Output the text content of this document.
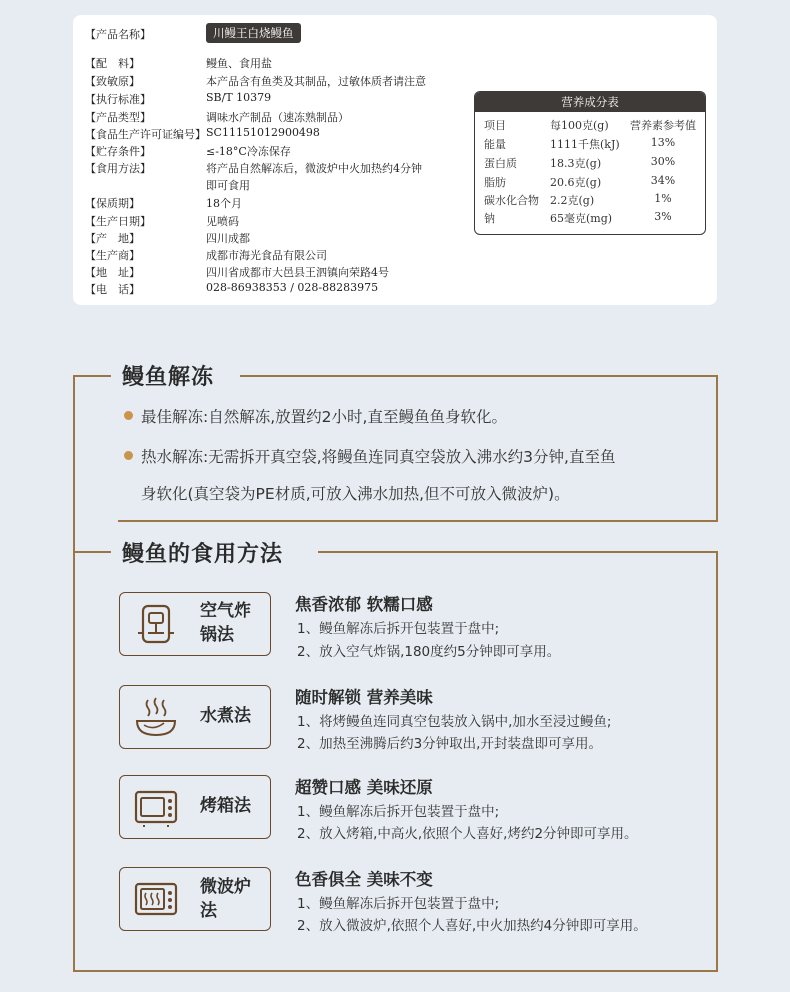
【产品名称】	川鳗王白烧鳗鱼
【配　料】	鳗鱼、食用盐
【致敏原】	本产品含有鱼类及其制品，过敏体质者请注意
【执行标准】	SB/T 10379
【产品类型】	调味水产制品（速冻熟制品）
【食品生产许可证编号】 SC11151012900498
【贮存条件】	≤-18°C冷冻保存
【食用方法】	将产品自然解冻后，微波炉中火加热约4分钟
即可食用
【保质期】	18个月
【生产日期】	见喷码
【产　地】	四川成都
【生产商】	成都市海光食品有限公司
【地　址】	四川省成都市大邑县王泗镇向荣路4号
【电　话】	028-86938353 / 028-88283975
营养成分表
项目	每100克(g) 营养素参考值
能量	1111千焦(kJ)	13%
蛋白质	18.3克(g)	30%
脂肪	20.6克(g)	34%
碳水化合物 2.2克(g)	1%
钠	65毫克(mg)	3%
鳗鱼解冻
最佳解冻:自然解冻,放置约2小时,直至鳗鱼鱼身软化。
热水解冻:无需拆开真空袋,将鳗鱼连同真空袋放入沸水约3分钟,直至鱼
身软化(真空袋为PE材质,可放入沸水加热,但不可放入微波炉)。
鳗鱼的食用方法
空气炸
锅法
焦香浓郁 软糯口感
1、鳗鱼解冻后拆开包装置于盘中;
2、放入空气炸锅,180度约5分钟即可享用。
水煮法
随时解锁 营养美味
1、将烤鳗鱼连同真空包装放入锅中,加水至浸过鳗鱼;
2、加热至沸腾后约3分钟取出,开封装盘即可享用。
烤箱法
超赞口感 美味还原
1、鳗鱼解冻后拆开包装置于盘中;
2、放入烤箱,中高火,依照个人喜好,烤约2分钟即可享用。
微波炉
法
色香俱全 美味不变
1、鳗鱼解冻后拆开包装置于盘中;
2、放入微波炉,依照个人喜好,中火加热约4分钟即可享用。
